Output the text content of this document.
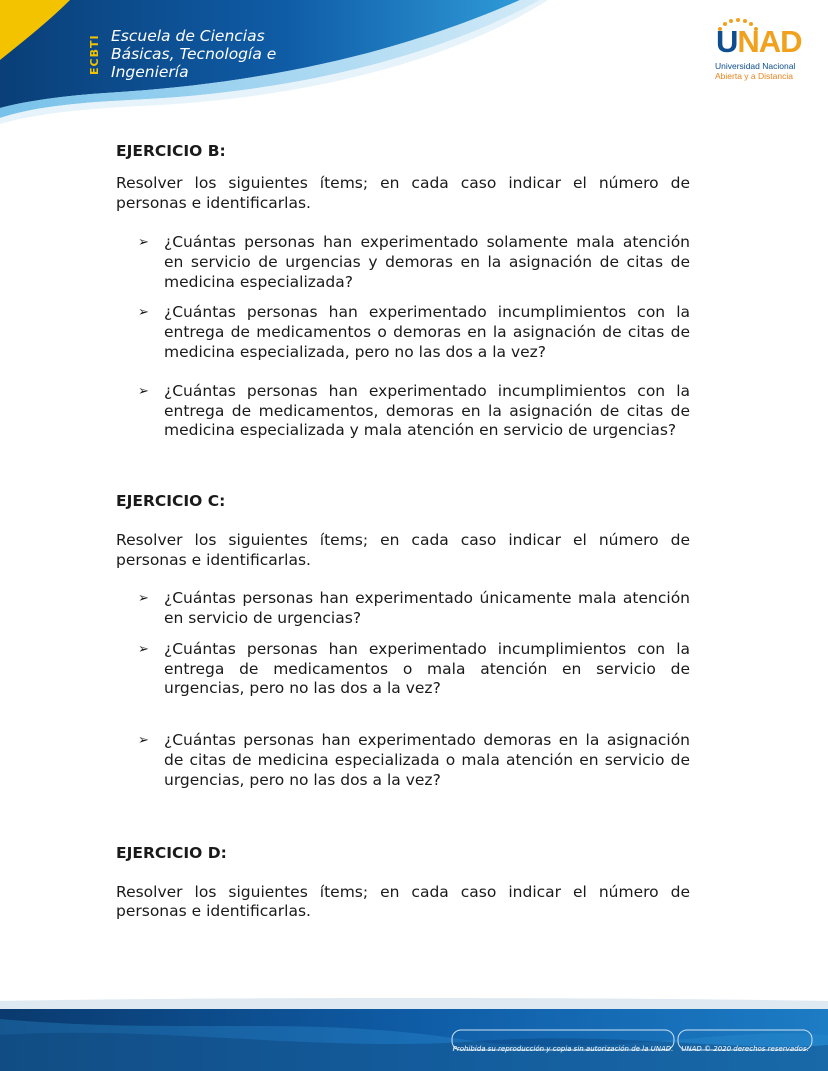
ECBTI Escuela de Ciencias
Básicas, Tecnología e
Ingeniería
UNAD
Universidad Nacional
Abierta y a Distancia
EJERCICIO B:

Resolver los siguientes ítems; en cada caso indicar el número de personas e identificarlas.

➢ ¿Cuántas personas han experimentado solamente mala atención en servicio de urgencias y demoras en la asignación de citas de medicina especializada?
➢ ¿Cuántas personas han experimentado incumplimientos con la entrega de medicamentos o demoras en la asignación de citas de medicina especializada, pero no las dos a la vez?
➢ ¿Cuántas personas han experimentado incumplimientos con la entrega de medicamentos, demoras en la asignación de citas de medicina especializada y mala atención en servicio de urgencias?
EJERCICIO C:

Resolver los siguientes ítems; en cada caso indicar el número de personas e identificarlas.

➢ ¿Cuántas personas han experimentado únicamente mala atención en servicio de urgencias?
➢ ¿Cuántas personas han experimentado incumplimientos con la entrega de medicamentos o mala atención en servicio de urgencias, pero no las dos a la vez?
➢ ¿Cuántas personas han experimentado demoras en la asignación de citas de medicina especializada o mala atención en servicio de urgencias, pero no las dos a la vez?
EJERCICIO D:

Resolver los siguientes ítems; en cada caso indicar el número de personas e identificarlas.

Prohibida su reproducción y copia sin autorización de la UNAD.	UNAD © 2020 derechos reservados.
